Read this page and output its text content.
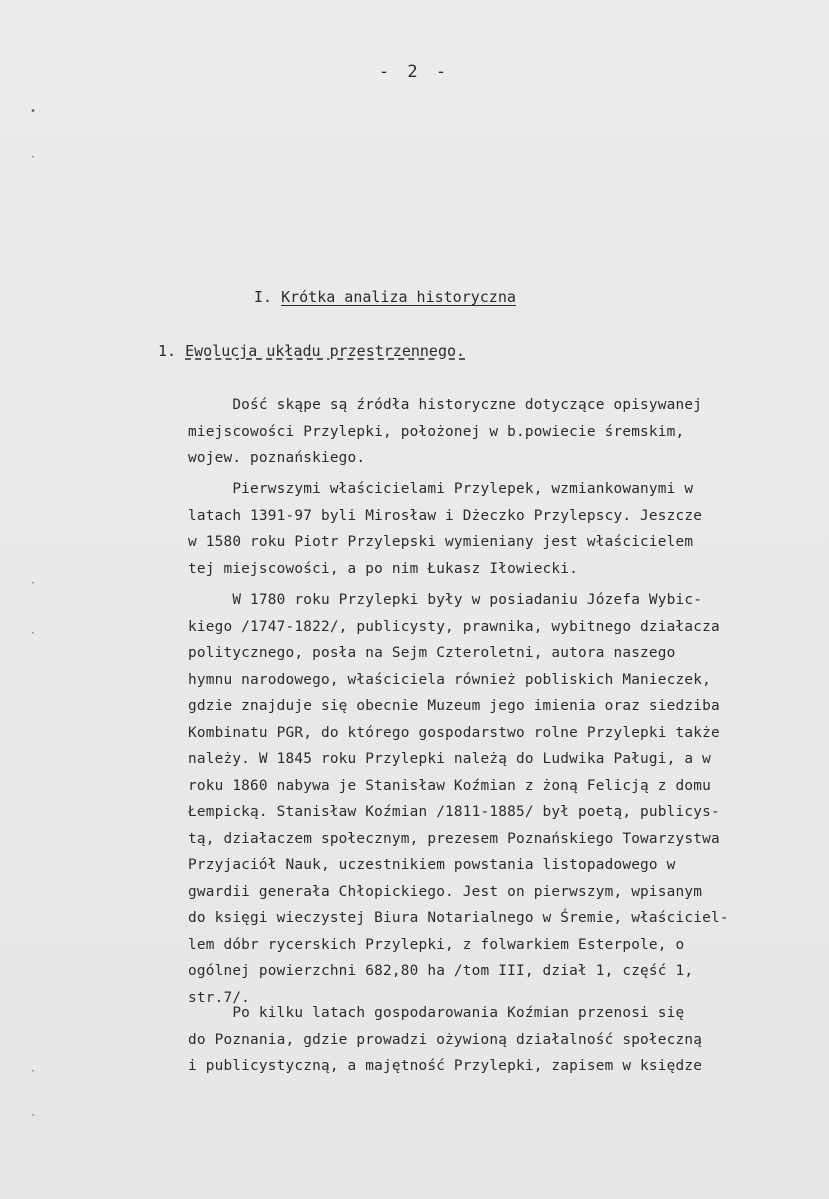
- 2 -
I. Krótka analiza historyczna
1. Ewolucja układu przestrzennego.
Dość skąpe są źródła historyczne dotyczące opisywanej
miejscowości Przylepki, położonej w b.powiecie śremskim,
wojew. poznańskiego.
Pierwszymi właścicielami Przylepek, wzmiankowanymi w
latach 1391-97 byli Mirosław i Dżeczko Przylepscy. Jeszcze
w 1580 roku Piotr Przylepski wymieniany jest właścicielem
tej miejscowości, a po nim Łukasz Iłowiecki.
W 1780 roku Przylepki były w posiadaniu Józefa Wybic-
kiego /1747-1822/, publicysty, prawnika, wybitnego działacza
politycznego, posła na Sejm Czteroletni, autora naszego
hymnu narodowego, właściciela również pobliskich Manieczek,
gdzie znajduje się obecnie Muzeum jego imienia oraz siedziba
Kombinatu PGR, do którego gospodarstwo rolne Przylepki także
należy. W 1845 roku Przylepki należą do Ludwika Paługi, a w
roku 1860 nabywa je Stanisław Koźmian z żoną Felicją z domu
Łempicką. Stanisław Koźmian /1811-1885/ był poetą, publicys-
tą, działaczem społecznym, prezesem Poznańskiego Towarzystwa
Przyjaciół Nauk, uczestnikiem powstania listopadowego w
gwardii generała Chłopickiego. Jest on pierwszym, wpisanym
do księgi wieczystej Biura Notarialnego w Śremie, właściciel-
lem dóbr rycerskich Przylepki, z folwarkiem Esterpole, o
ogólnej powierzchni 682,80 ha /tom III, dział 1, część 1,
str.7/.
Po kilku latach gospodarowania Koźmian przenosi się
do Poznania, gdzie prowadzi ożywioną działalność społeczną
i publicystyczną, a majętność Przylepki, zapisem w księdze
•
·
·
·
·
·
